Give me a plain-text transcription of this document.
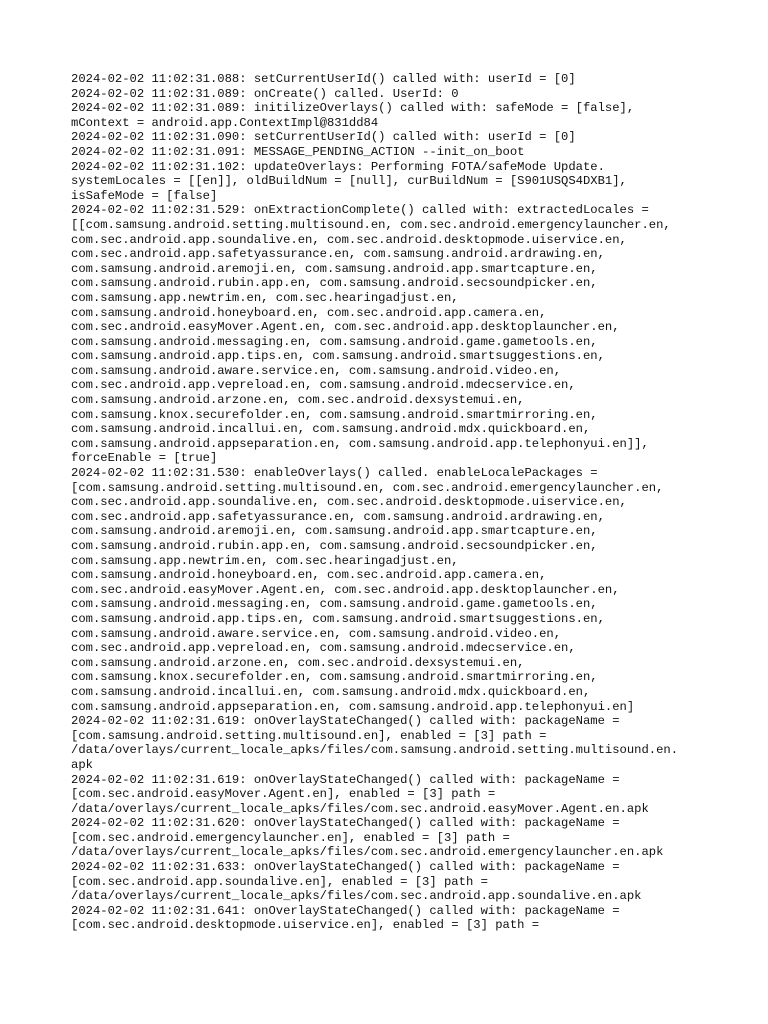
2024-02-02 11:02:31.088: setCurrentUserId() called with: userId = [0]
2024-02-02 11:02:31.089: onCreate() called. UserId: 0
2024-02-02 11:02:31.089: initilizeOverlays() called with: safeMode = [false],
mContext = android.app.ContextImpl@831dd84
2024-02-02 11:02:31.090: setCurrentUserId() called with: userId = [0]
2024-02-02 11:02:31.091: MESSAGE_PENDING_ACTION --init_on_boot
2024-02-02 11:02:31.102: updateOverlays: Performing FOTA/safeMode Update.
systemLocales = [[en]], oldBuildNum = [null], curBuildNum = [S901USQS4DXB1],
isSafeMode = [false]
2024-02-02 11:02:31.529: onExtractionComplete() called with: extractedLocales =
[[com.samsung.android.setting.multisound.en, com.sec.android.emergencylauncher.en,
com.sec.android.app.soundalive.en, com.sec.android.desktopmode.uiservice.en,
com.sec.android.app.safetyassurance.en, com.samsung.android.ardrawing.en,
com.samsung.android.aremoji.en, com.samsung.android.app.smartcapture.en,
com.samsung.android.rubin.app.en, com.samsung.android.secsoundpicker.en,
com.samsung.app.newtrim.en, com.sec.hearingadjust.en,
com.samsung.android.honeyboard.en, com.sec.android.app.camera.en,
com.sec.android.easyMover.Agent.en, com.sec.android.app.desktoplauncher.en,
com.samsung.android.messaging.en, com.samsung.android.game.gametools.en,
com.samsung.android.app.tips.en, com.samsung.android.smartsuggestions.en,
com.samsung.android.aware.service.en, com.samsung.android.video.en,
com.sec.android.app.vepreload.en, com.samsung.android.mdecservice.en,
com.samsung.android.arzone.en, com.sec.android.dexsystemui.en,
com.samsung.knox.securefolder.en, com.samsung.android.smartmirroring.en,
com.samsung.android.incallui.en, com.samsung.android.mdx.quickboard.en,
com.samsung.android.appseparation.en, com.samsung.android.app.telephonyui.en]],
forceEnable = [true]
2024-02-02 11:02:31.530: enableOverlays() called. enableLocalePackages =
[com.samsung.android.setting.multisound.en, com.sec.android.emergencylauncher.en,
com.sec.android.app.soundalive.en, com.sec.android.desktopmode.uiservice.en,
com.sec.android.app.safetyassurance.en, com.samsung.android.ardrawing.en,
com.samsung.android.aremoji.en, com.samsung.android.app.smartcapture.en,
com.samsung.android.rubin.app.en, com.samsung.android.secsoundpicker.en,
com.samsung.app.newtrim.en, com.sec.hearingadjust.en,
com.samsung.android.honeyboard.en, com.sec.android.app.camera.en,
com.sec.android.easyMover.Agent.en, com.sec.android.app.desktoplauncher.en,
com.samsung.android.messaging.en, com.samsung.android.game.gametools.en,
com.samsung.android.app.tips.en, com.samsung.android.smartsuggestions.en,
com.samsung.android.aware.service.en, com.samsung.android.video.en,
com.sec.android.app.vepreload.en, com.samsung.android.mdecservice.en,
com.samsung.android.arzone.en, com.sec.android.dexsystemui.en,
com.samsung.knox.securefolder.en, com.samsung.android.smartmirroring.en,
com.samsung.android.incallui.en, com.samsung.android.mdx.quickboard.en,
com.samsung.android.appseparation.en, com.samsung.android.app.telephonyui.en]
2024-02-02 11:02:31.619: onOverlayStateChanged() called with: packageName =
[com.samsung.android.setting.multisound.en], enabled = [3] path =
/data/overlays/current_locale_apks/files/com.samsung.android.setting.multisound.en.
apk
2024-02-02 11:02:31.619: onOverlayStateChanged() called with: packageName =
[com.sec.android.easyMover.Agent.en], enabled = [3] path =
/data/overlays/current_locale_apks/files/com.sec.android.easyMover.Agent.en.apk
2024-02-02 11:02:31.620: onOverlayStateChanged() called with: packageName =
[com.sec.android.emergencylauncher.en], enabled = [3] path =
/data/overlays/current_locale_apks/files/com.sec.android.emergencylauncher.en.apk
2024-02-02 11:02:31.633: onOverlayStateChanged() called with: packageName =
[com.sec.android.app.soundalive.en], enabled = [3] path =
/data/overlays/current_locale_apks/files/com.sec.android.app.soundalive.en.apk
2024-02-02 11:02:31.641: onOverlayStateChanged() called with: packageName =
[com.sec.android.desktopmode.uiservice.en], enabled = [3] path =
